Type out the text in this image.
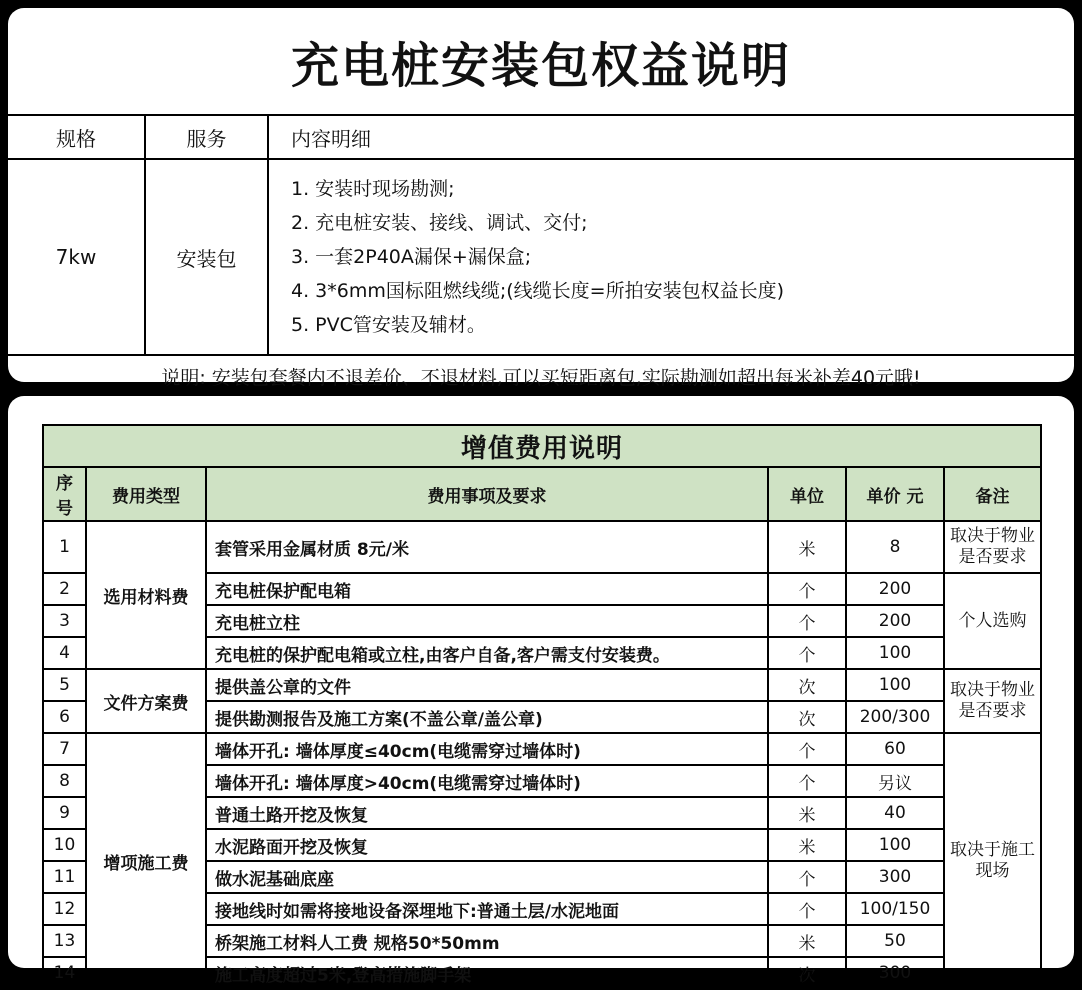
充电桩安装包权益说明
规格	服务	内容明细
7kw	安装包	1. 安装时现场勘测;
2. 充电桩安装、接线、调试、交付;
3. 一套2P40A漏保+漏保盒;
4. 3*6mm国标阻燃线缆;(线缆长度=所拍安装包权益长度)
5. PVC管安装及辅材。

说明: 安装包套餐内不退差价、不退材料,可以买短距离包,实际勘测如超出每米补差40元哦!		
增值费用说明					
序号	费用类型	费用事项及要求	单位	单价 元	备注
1	选用材料费	套管采用金属材质 8元/米	米	8	取决于物业 是否要求
2		充电桩保护配电箱	个	200	个人选购
3		充电桩立柱	个	200	
4		充电桩的保护配电箱或立柱,由客户自备,客户需支付安装费。	个	100	
5	文件方案费	提供盖公章的文件	次	100	取决于物业 是否要求
6		提供勘测报告及施工方案(不盖公章/盖公章)	次	200/300	
7	增项施工费	墙体开孔: 墙体厚度≤40cm(电缆需穿过墙体时)	个	60	取决于施工 现场
8		墙体开孔: 墙体厚度>40cm(电缆需穿过墙体时)	个	另议	
9		普通土路开挖及恢复	米	40	
10		水泥路面开挖及恢复	米	100	
11		做水泥基础底座	个	300	
12		接地线时如需将接地设备深埋地下:普通土层/水泥地面	个	100/150	
13		桥架施工材料人工费 规格50*50mm	米	50	
14		施工高度超过5米,登高措施脚手架	次	300	
